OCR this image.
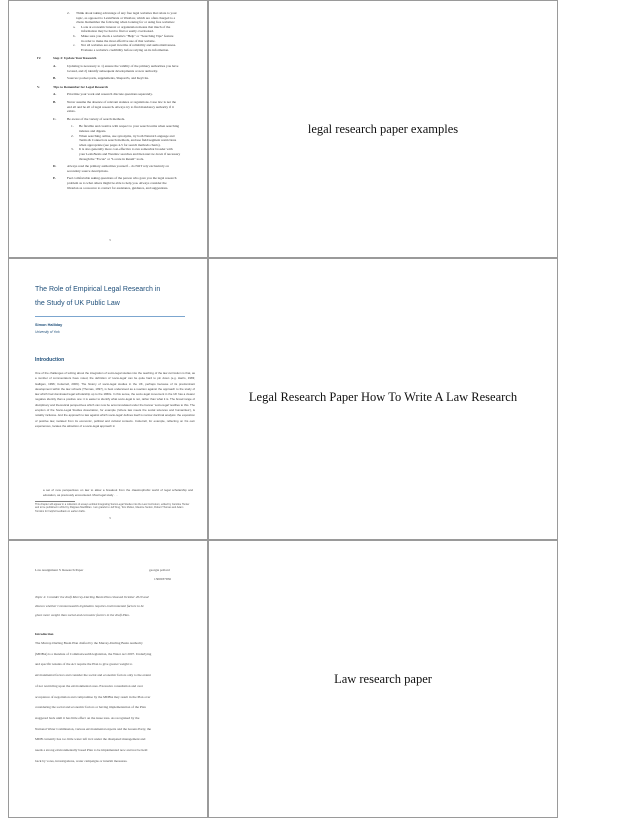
2. Think about taking advantage of any free legal websites that relate to your
topic, as opposed to LexisNexis or Westlaw, which are often charged to a
client. Remember the following when looking for or using free websites:
a. Look at economic interest or organization means that much of the
information may be hard to find or easily overlooked.
b. Make sure you check a website's "Help" or "Searching Tips" feature
in order to make the most effective use of that website.
c. Not all websites are equal in terms of reliability and authoritativeness.
Evaluate a website's credibility before relying on its information.
IV.	Step 4: Update Your Research
A.	Updating is necessary to 1) ensure the validity of the primary authorities you have
located, and 2) identify subsequent developments or new authority.
B.	Sources: pocket parts, supplements, Shepard's, and KeyCite.
V.	Tips to Remember for Legal Research
A.	Prioritize your work and research discrete questions separately.
B.	Never assume the absence of relevant statutes or regulations. Case law is not the
end all and be all of legal research. Always try to find mandatory authority if it
exists.
C.	Be aware of the variety of search methods.
1. Be flexible and creative with respect to your search terms when searching
indexes and digests.
2. When searching online, use synonyms, try both Natural Language and
Terms & Connectors search methods, and use field/segment restrictions
when appropriate (see pages 4-5 for search methods charts).
3. It is also generally more cost-effective to run somewhat broader with
your LexisNexis and Westlaw searches and then narrow down if necessary
through the "Focus" or "Locate in Result" tools.
D.	Always read the primary authorities yourself – do NOT rely exclusively on
secondary source descriptions.
E.	Feel comfortable asking questions of the person who gave you the legal research
problem as to what others might be able to help you. Always consider the
librarian as a resource to contact for assistance, guidance, and suggestions.
3
legal research paper examples
The Role of Empirical Legal Research in
the Study of UK Public Law
Simon Halliday
University of York
Introduction
One of the challenges of writing about the integration of socio-legal studies into the teaching of the law curriculum is that, as a number of commentators have noted, the definition of 'socio-legal' can be quite hard to pin down (e.g. Harris, 1983; Galligan, 1996; Cotterrell, 2006). The history of socio-legal studies in the UK, perhaps because of its predominant development within the law schools (Thomas, 1997), is best understood as a reaction against the approach to the study of law which had dominated legal scholarship up to the 1960s. In this sense, the socio-legal movement in the UK has a clearer negative identity than a positive one: it is easier to identify what socio-legal is not, rather than what it is. The broad range of disciplinary and theoretical perspectives which can now be accommodated under the banner 'socio-legal' testifies to this. The eruption of the Socio-Legal Studies Association, for example ('where law meets the social sciences and humanities'), is notably inclusive. And the approach to law against which socio-legal' defines itself is narrow doctrinal analysis: the exposition of positive law, isolated from its economic, political and cultural contexts. Cotterrell, for example, reflecting on his own experiences, locates the attraction of a socio-legal approach in
a set of new perspectives on law to allow a breakout from the claustrophobic world of legal scholarship and education, as previously encountered. Most legal study . . .
This chapter will appear in a collection of essays entitled Integrating Socio-Legal Studies into the Law Curriculum, edited by Caroline Hunter and to be published in 2012 by Palgrave MacMillan. I am grateful to Jeff King, Tom Mullen, Maurice Sunkin, Robert Thomas and Adam Tomkins for helpful feedback on earlier drafts.
3
Legal Research Paper How To Write A Law Research
Law Assignment 3: Research Paper	georgia pollard
1300037956
Topic 4: Consider the draft Murray-Darling Basin Plan released October 2010 and
discuss whether Commonwealth legislation requires environmental factors to be
given more weight than social and economic factors in the draft Plan.
Introduction
The Murray-Darling Basin Plan drafted by the Murray-Darling Basin Authority
(MDBA) is a mandate of Commonwealth legislation, the Water Act 2007. Underlying
and specific tenants of the Act require the Plan to give greater weight to
environmental factors and consider the social and economic factors only to the extent
of not restricting upon the environmental ones. Excessive consultation and over
acceptance of negotiation and compromise by the MDBA may result in the Plan over
considering the social and economic factors or having implementation of the Plan
staggered back until it has little effect on the issue ions. As recognised by the
National Water Commission, various environmental experts and the Greens Party, the
MDB currently has too little water left in it under the dissipated management and
needs a strong environmentally based Plan to be implemented now and not be held
back by votes, investigations, water campaigns or interim measures.
Law research paper
